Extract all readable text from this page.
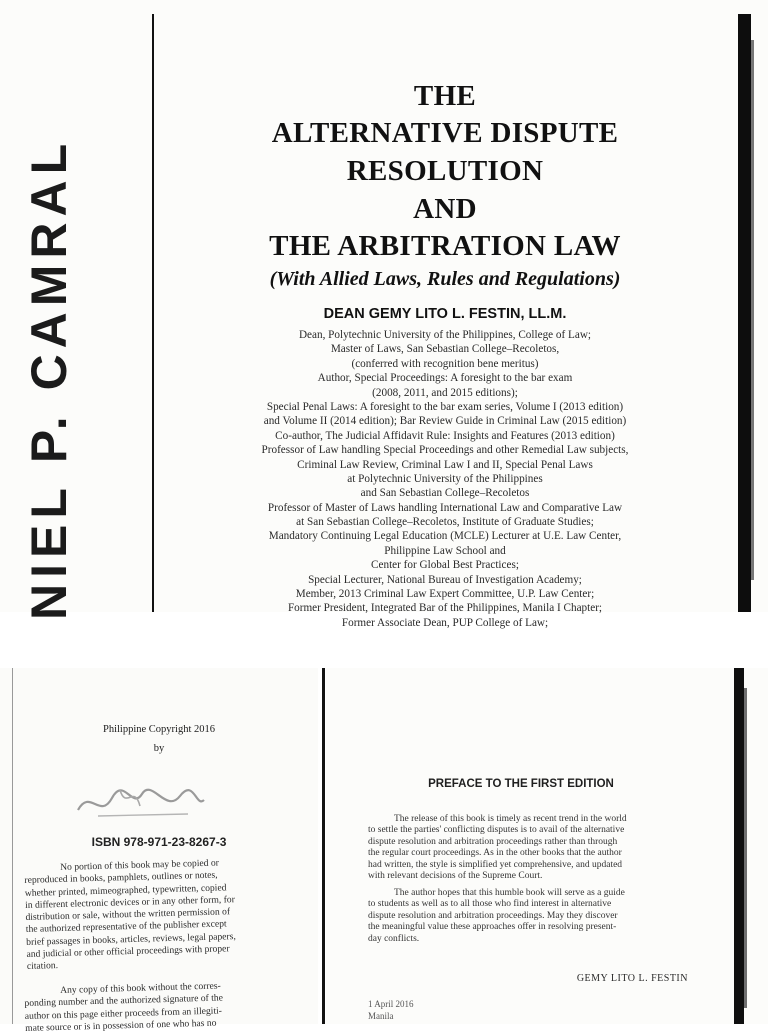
NIEL P. CAMRAL
THE
ALTERNATIVE DISPUTE
RESOLUTION
AND
THE ARBITRATION LAW
(With Allied Laws, Rules and Regulations)
DEAN GEMY LITO L. FESTIN, LL.M.
Dean, Polytechnic University of the Philippines, College of Law;
Master of Laws, San Sebastian College–Recoletos,
(conferred with recognition bene meritus)
Author, Special Proceedings: A foresight to the bar exam
(2008, 2011, and 2015 editions);
Special Penal Laws: A foresight to the bar exam series, Volume I (2013 edition)
and Volume II (2014 edition); Bar Review Guide in Criminal Law (2015 edition)
Co-author, The Judicial Affidavit Rule: Insights and Features (2013 edition)
Professor of Law handling Special Proceedings and other Remedial Law subjects,
Criminal Law Review, Criminal Law I and II, Special Penal Laws
at Polytechnic University of the Philippines
and San Sebastian College–Recoletos
Professor of Master of Laws handling International Law and Comparative Law
at San Sebastian College–Recoletos, Institute of Graduate Studies;
Mandatory Continuing Legal Education (MCLE) Lecturer at U.E. Law Center,
Philippine Law School and
Center for Global Best Practices;
Special Lecturer, National Bureau of Investigation Academy;
Member, 2013 Criminal Law Expert Committee, U.P. Law Center;
Former President, Integrated Bar of the Philippines, Manila I Chapter;
Former Associate Dean, PUP College of Law;
Philippine Copyright 2016
by
ISBN 978-971-23-8267-3
No portion of this book may be copied or
reproduced in books, pamphlets, outlines or notes,
whether printed, mimeographed, typewritten, copied
in different electronic devices or in any other form, for
distribution or sale, without the written permission of
the authorized representative of the publisher except
brief passages in books, articles, reviews, legal papers,
and judicial or other official proceedings with proper
citation.
Any copy of this book without the corres-
ponding number and the authorized signature of the
author on this page either proceeds from an illegiti-
mate source or is in possession of one who has no
PREFACE TO THE FIRST EDITION
The release of this book is timely as recent trend in the world
to settle the parties' conflicting disputes is to avail of the alternative
dispute resolution and arbitration proceedings rather than through
the regular court proceedings. As in the other books that the author
had written, the style is simplified yet comprehensive, and updated
with relevant decisions of the Supreme Court.
The author hopes that this humble book will serve as a guide
to students as well as to all those who find interest in alternative
dispute resolution and arbitration proceedings. May they discover
the meaningful value these approaches offer in resolving present-
day conflicts.
GEMY LITO L. FESTIN
1 April 2016
Manila
